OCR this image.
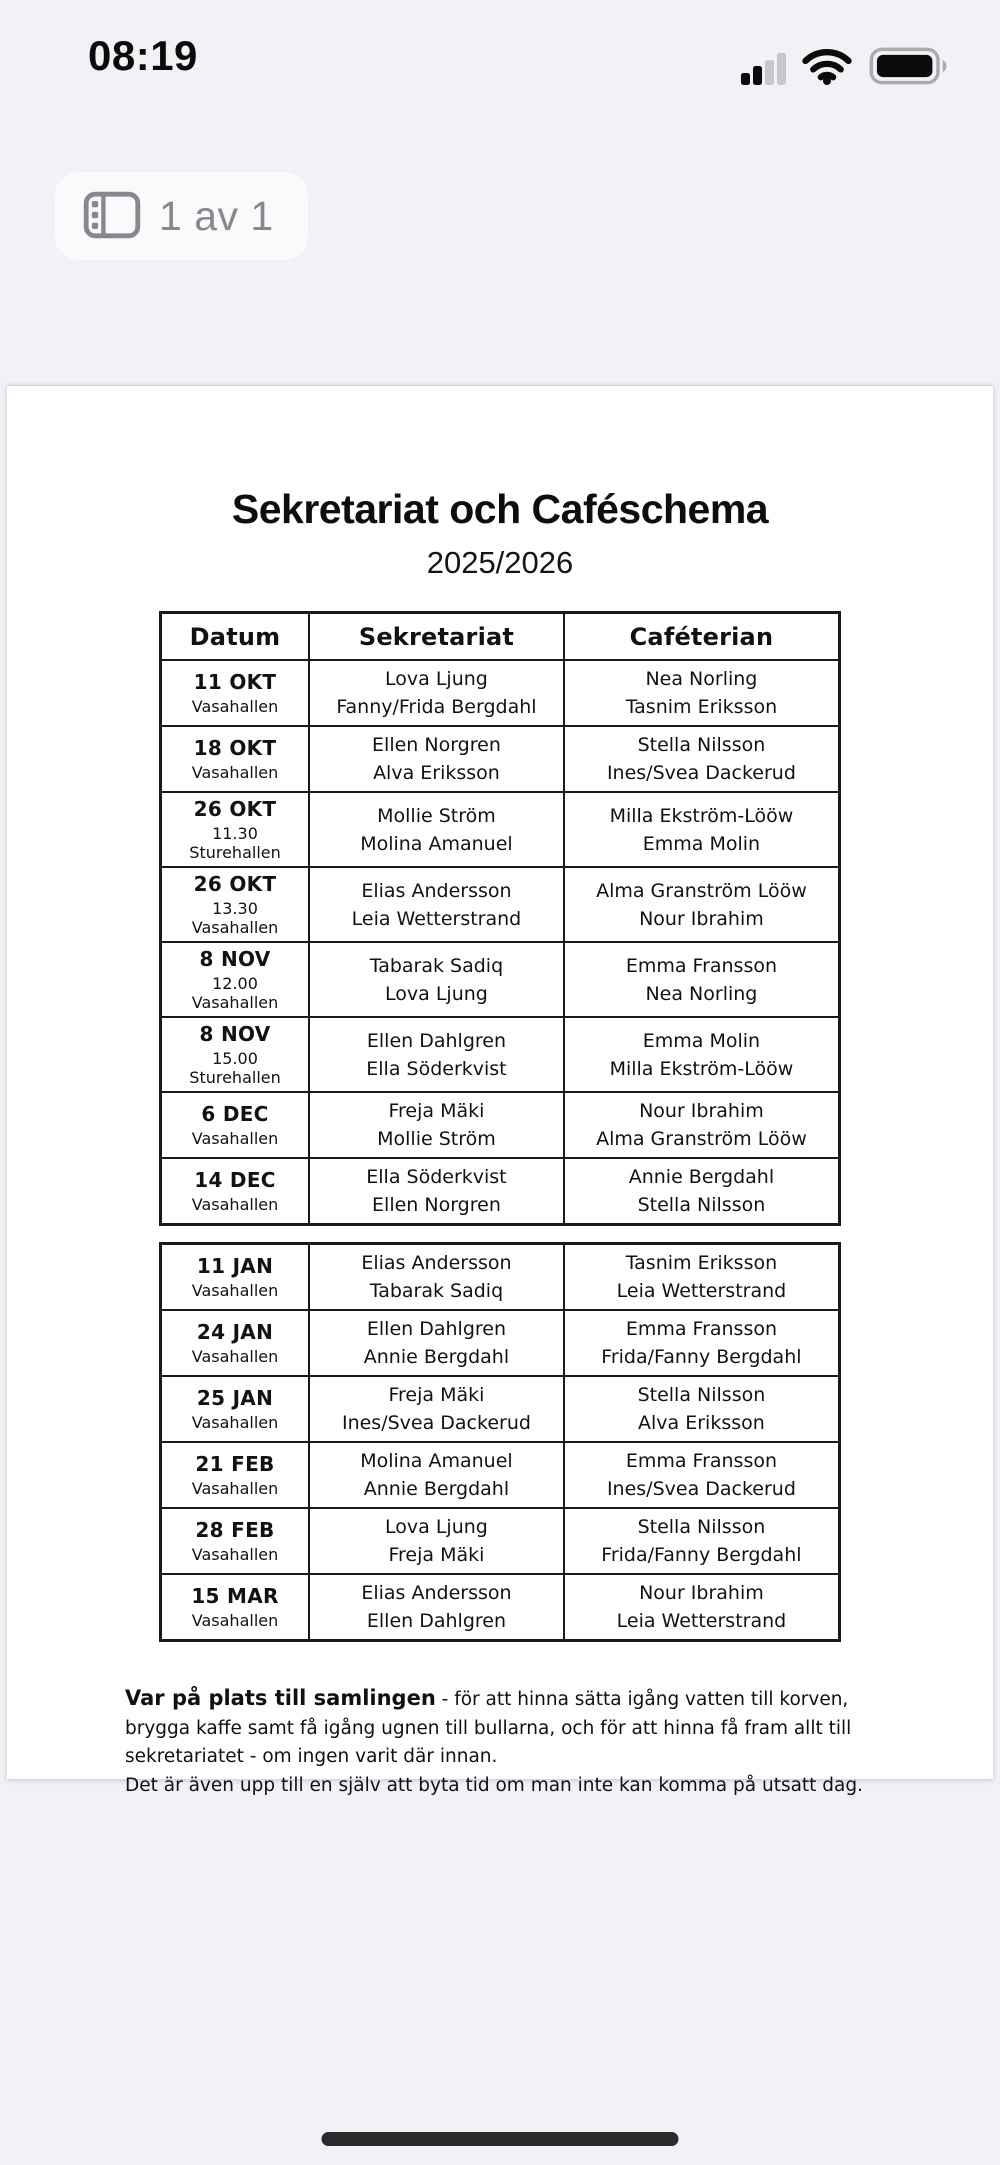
08:19
1 av 1
Sekretariat och Caféschema
2025/2026
Datum	Sekretariat	Caféterian
11 OKT
Vasahallen
Lova Ljung
Fanny/Frida Bergdahl
Nea Norling
Tasnim Eriksson
18 OKT
Vasahallen
Ellen Norgren
Alva Eriksson
Stella Nilsson
Ines/Svea Dackerud
26 OKT
11.30 Sturehallen
Mollie Ström
Molina Amanuel
Milla Ekström-Lööw
Emma Molin
26 OKT
13.30 Vasahallen
Elias Andersson
Leia Wetterstrand
Alma Granström Lööw
Nour Ibrahim
8 NOV
12.00 Vasahallen
Tabarak Sadiq
Lova Ljung
Emma Fransson
Nea Norling
8 NOV
15.00 Sturehallen
Ellen Dahlgren
Ella Söderkvist
Emma Molin
Milla Ekström-Lööw
6 DEC
Vasahallen
Freja Mäki
Mollie Ström
Nour Ibrahim
Alma Granström Lööw
14 DEC
Vasahallen
Ella Söderkvist
Ellen Norgren
Annie Bergdahl
Stella Nilsson
11 JAN
Vasahallen
Elias Andersson
Tabarak Sadiq
Tasnim Eriksson
Leia Wetterstrand
24 JAN
Vasahallen
Ellen Dahlgren
Annie Bergdahl
Emma Fransson
Frida/Fanny Bergdahl
25 JAN
Vasahallen
Freja Mäki
Ines/Svea Dackerud
Stella Nilsson
Alva Eriksson
21 FEB
Vasahallen
Molina Amanuel
Annie Bergdahl
Emma Fransson
Ines/Svea Dackerud
28 FEB
Vasahallen
Lova Ljung
Freja Mäki
Stella Nilsson
Frida/Fanny Bergdahl
15 MAR
Vasahallen
Elias Andersson
Ellen Dahlgren
Nour Ibrahim
Leia Wetterstrand

Var på plats till samlingen - för att hinna sätta igång vatten till korven, brygga kaffe samt få igång ugnen till bullarna, och för att hinna få fram allt till sekretariatet - om ingen varit där innan.
Det är även upp till en själv att byta tid om man inte kan komma på utsatt dag.
